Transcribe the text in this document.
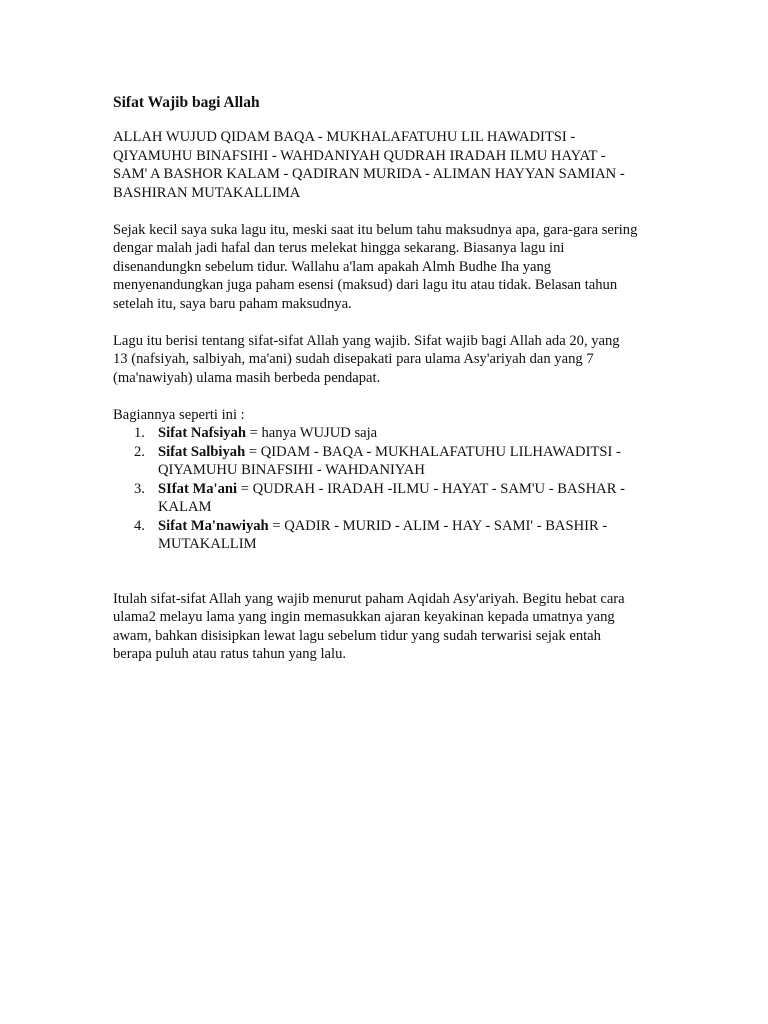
Sifat Wajib bagi Allah
ALLAH WUJUD QIDAM BAQA - MUKHALAFATUHU LIL HAWADITSI -
QIYAMUHU BINAFSIHI - WAHDANIYAH QUDRAH IRADAH ILMU HAYAT -
SAM' A BASHOR KALAM - QADIRAN MURIDA - ALIMAN HAYYAN SAMIAN -
BASHIRAN MUTAKALLIMA
Sejak kecil saya suka lagu itu, meski saat itu belum tahu maksudnya apa, gara-gara sering
dengar malah jadi hafal dan terus melekat hingga sekarang. Biasanya lagu ini
disenandungkn sebelum tidur. Wallahu a'lam apakah Almh Budhe Iha yang
menyenandungkan juga paham esensi (maksud) dari lagu itu atau tidak. Belasan tahun
setelah itu, saya baru paham maksudnya.
Lagu itu berisi tentang sifat-sifat Allah yang wajib. Sifat wajib bagi Allah ada 20, yang
13 (nafsiyah, salbiyah, ma'ani) sudah disepakati para ulama Asy'ariyah dan yang 7
(ma'nawiyah) ulama masih berbeda pendapat.
Bagiannya seperti ini :
1. Sifat Nafsiyah = hanya WUJUD saja
2. Sifat Salbiyah = QIDAM - BAQA - MUKHALAFATUHU LILHAWADITSI -
QIYAMUHU BINAFSIHI - WAHDANIYAH
3. SIfat Ma'ani = QUDRAH - IRADAH -ILMU - HAYAT - SAM'U - BASHAR -
KALAM
4. Sifat Ma'nawiyah = QADIR - MURID - ALIM - HAY - SAMI' - BASHIR -
MUTAKALLIM
Itulah sifat-sifat Allah yang wajib menurut paham Aqidah Asy'ariyah. Begitu hebat cara
ulama2 melayu lama yang ingin memasukkan ajaran keyakinan kepada umatnya yang
awam, bahkan disisipkan lewat lagu sebelum tidur yang sudah terwarisi sejak entah
berapa puluh atau ratus tahun yang lalu.
